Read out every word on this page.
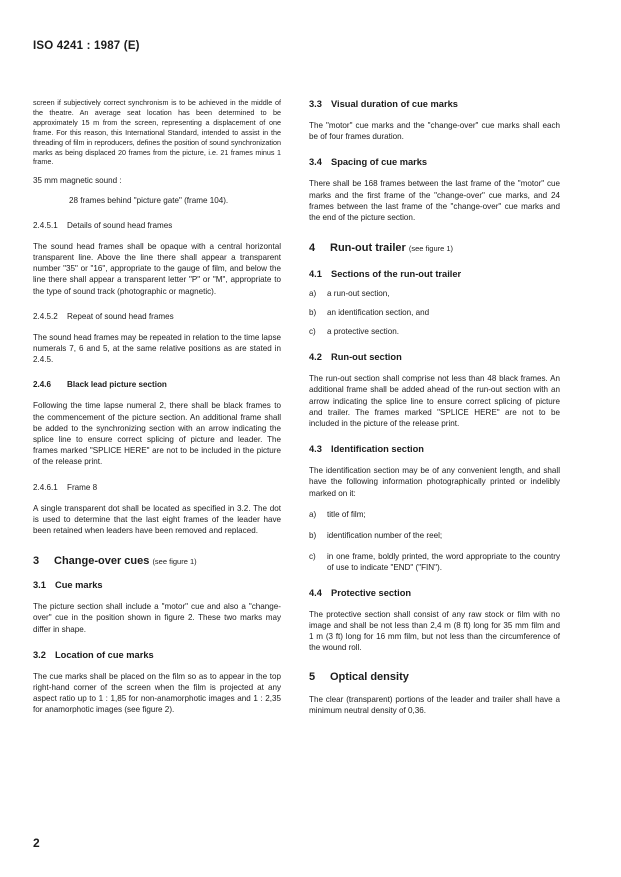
ISO 4241 : 1987 (E)

screen if subjectively correct synchronism is to be achieved in the middle of the theatre. An average seat location has been determined to be approximately 15 m from the screen, representing a displacement of one frame. For this reason, this International Standard, intended to assist in the threading of film in reproducers, defines the position of sound synchronization marks as being displaced 20 frames from the picture, i.e. 21 frames minus 1 frame.

35 mm magnetic sound :

28 frames behind "picture gate" (frame 104).

2.4.5.1 Details of sound head frames

The sound head frames shall be opaque with a central horizontal transparent line. Above the line there shall appear a transparent number "35" or "16", appropriate to the gauge of film, and below the line there shall appear a transparent letter "P" or "M", appropriate to the type of sound track (photographic or magnetic).

2.4.5.2 Repeat of sound head frames

The sound head frames may be repeated in relation to the time lapse numerals 7, 6 and 5, at the same relative positions as are stated in 2.4.5.

2.4.6 Black lead picture section

Following the time lapse numeral 2, there shall be black frames to the commencement of the picture section. An additional frame shall be added to the synchronizing section with an arrow indicating the splice line to ensure correct splicing of picture and leader. The frames marked "SPLICE HERE" are not to be included in the picture of the release print.

2.4.6.1 Frame 8

A single transparent dot shall be located as specified in 3.2. The dot is used to determine that the last eight frames of the leader have been retained when leaders have been removed and replaced.

3 Change-over cues (see figure 1)
3.1 Cue marks

The picture section shall include a "motor" cue and also a "change-over" cue in the position shown in figure 2. These two marks may differ in shape.

3.2 Location of cue marks

The cue marks shall be placed on the film so as to appear in the top right-hand corner of the screen when the film is projected at any aspect ratio up to 1 : 1,85 for non-anamorphotic images and 1 : 2,35 for anamorphotic images (see figure 2).

3.3 Visual duration of cue marks

The "motor" cue marks and the "change-over" cue marks shall each be of four frames duration.

3.4 Spacing of cue marks

There shall be 168 frames between the last frame of the "motor" cue marks and the first frame of the "change-over" cue marks, and 24 frames between the last frame of the "change-over" cue marks and the end of the picture section.

4 Run-out trailer (see figure 1)
4.1 Sections of the run-out trailer
a)	a run-out section,
b)	an identification section, and
c)	a protective section.
4.2 Run-out section

The run-out section shall comprise not less than 48 black frames. An additional frame shall be added ahead of the run-out section with an arrow indicating the splice line to ensure correct splicing of picture and trailer. The frames marked "SPLICE HERE" are not to be included in the picture of the release print.

4.3 Identification section

The identification section may be of any convenient length, and shall have the following information photographically printed or indelibly marked on it:

a)	title of film;
b)	identification number of the reel;
c)	in one frame, boldly printed, the word appropriate to the country of use to indicate "END" ("FIN").
4.4 Protective section

The protective section shall consist of any raw stock or film with no image and shall be not less than 2,4 m (8 ft) long for 35 mm film and 1 m (3 ft) long for 16 mm film, but not less than the circumference of the wound roll.

5 Optical density

The clear (transparent) portions of the leader and trailer shall have a minimum neutral density of 0,36.

2
